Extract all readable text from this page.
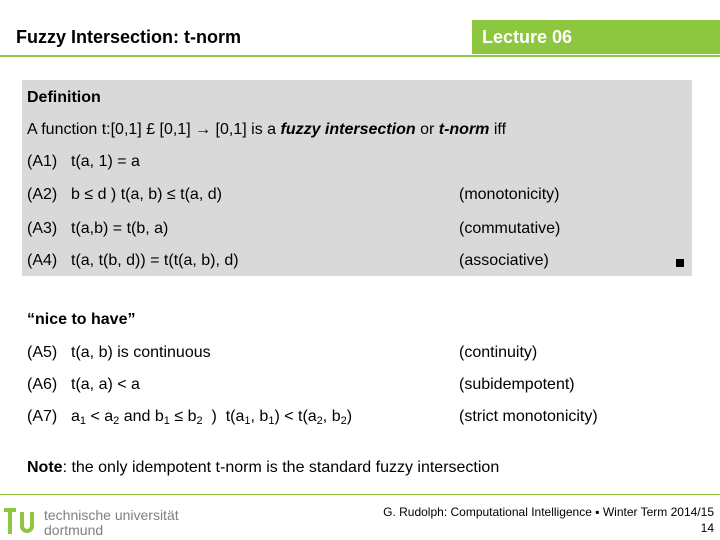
Fuzzy Intersection: t-norm	Lecture 06
Definition
A function t:[0,1] £ [0,1] → [0,1] is a fuzzy intersection or t-norm iff
(A1) t(a, 1) = a
(A2) b ≤ d ) t(a, b) ≤ t(a, d)	(monotonicity)
(A3) t(a,b) = t(b, a)	(commutative)
(A4) t(a, t(b, d)) = t(t(a, b), d)	(associative)
“nice to have”
(A5) t(a, b) is continuous	(continuity)
(A6) t(a, a) < a	(subidempotent)
(A7) $a_1 < a_2$ and $b_1 \le b_2$  )  $t(a_1$, $b_1) < t(a_2$, $b_2$)	(strict monotonicity)
Note: the only idempotent t-norm is the standard fuzzy intersection
technische universität
dortmund
G. Rudolph: Computational Intelligence ▪ Winter Term 2014/15
14
